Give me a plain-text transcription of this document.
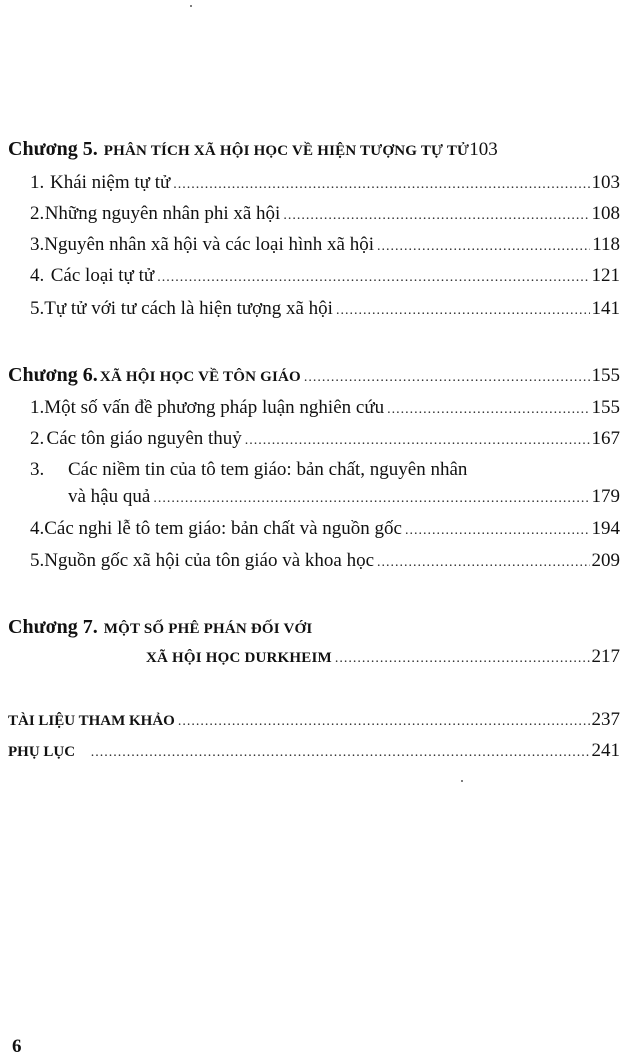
Chương 5. PHÂN TÍCH XÃ HỘI HỌC VỀ HIỆN TƯỢNG TỰ TỬ 103
1. Khái niệm tự tử .....	103
2. Những nguyên nhân phi xã hội .....	108
3. Nguyên nhân xã hội và các loại hình xã hội .....	118
4. Các loại tự tử .....	121
5. Tự tử với tư cách là hiện tượng xã hội .....	141
Chương 6. XÃ HỘI HỌC VỀ TÔN GIÁO .....	155
1. Một số vấn đề phương pháp luận nghiên cứu .....	155
2. Các tôn giáo nguyên thuỷ .....	167
3.	Các niềm tin của tô tem giáo: bản chất, nguyên nhân
và hậu quả .....	179
4. Các nghi lễ tô tem giáo: bản chất và nguồn gốc .....	194
5. Nguồn gốc xã hội của tôn giáo và khoa học .....	209
Chương 7. MỘT SỐ PHÊ PHÁN ĐỐI VỚI
XÃ HỘI HỌC DURKHEIM .....	217
TÀI LIỆU THAM KHẢO .....	237
PHỤ LỤC .....	241
6
